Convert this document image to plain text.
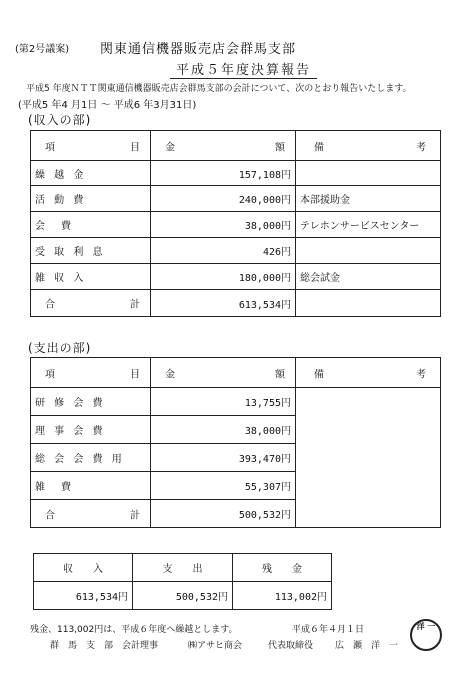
(第2号議案) 関東通信機器販売店会群馬支部
平成５年度決算報告
平成5 年度ＮＴＴ関東通信機器販売店会群馬支部の会計について、次のとおり報告いたします。
(平成5 年4 月1日 ～ 平成6 年3月31日)
(収入の部)
項 目	金 額	備 考

繰 越 金	157,108円	
活 動 費	240,000円	本部援助金
会　費	38,000円	テレホンサービスセンター
受 取 利 息	426円	
雑 収 入	180,000円	総会試金

合 計	613,534円	
(支出の部)
項 目	金 額	備 考

研 修 会 費	13,755円	
理 事 会 費	38,000円	
総 会 会 費 用	393,470円	
雑　費	55,307円	

合 計	500,532円	
収　　入	支　　出	残　　金
613,534円	500,532円	113,002円
残金、113,002円は、平成６年度へ繰越とします。	平成６年４月１日
群　馬　支　部　会計理事	㈱アサヒ商会	代表取締役 広　瀬　洋　一
洋 一
